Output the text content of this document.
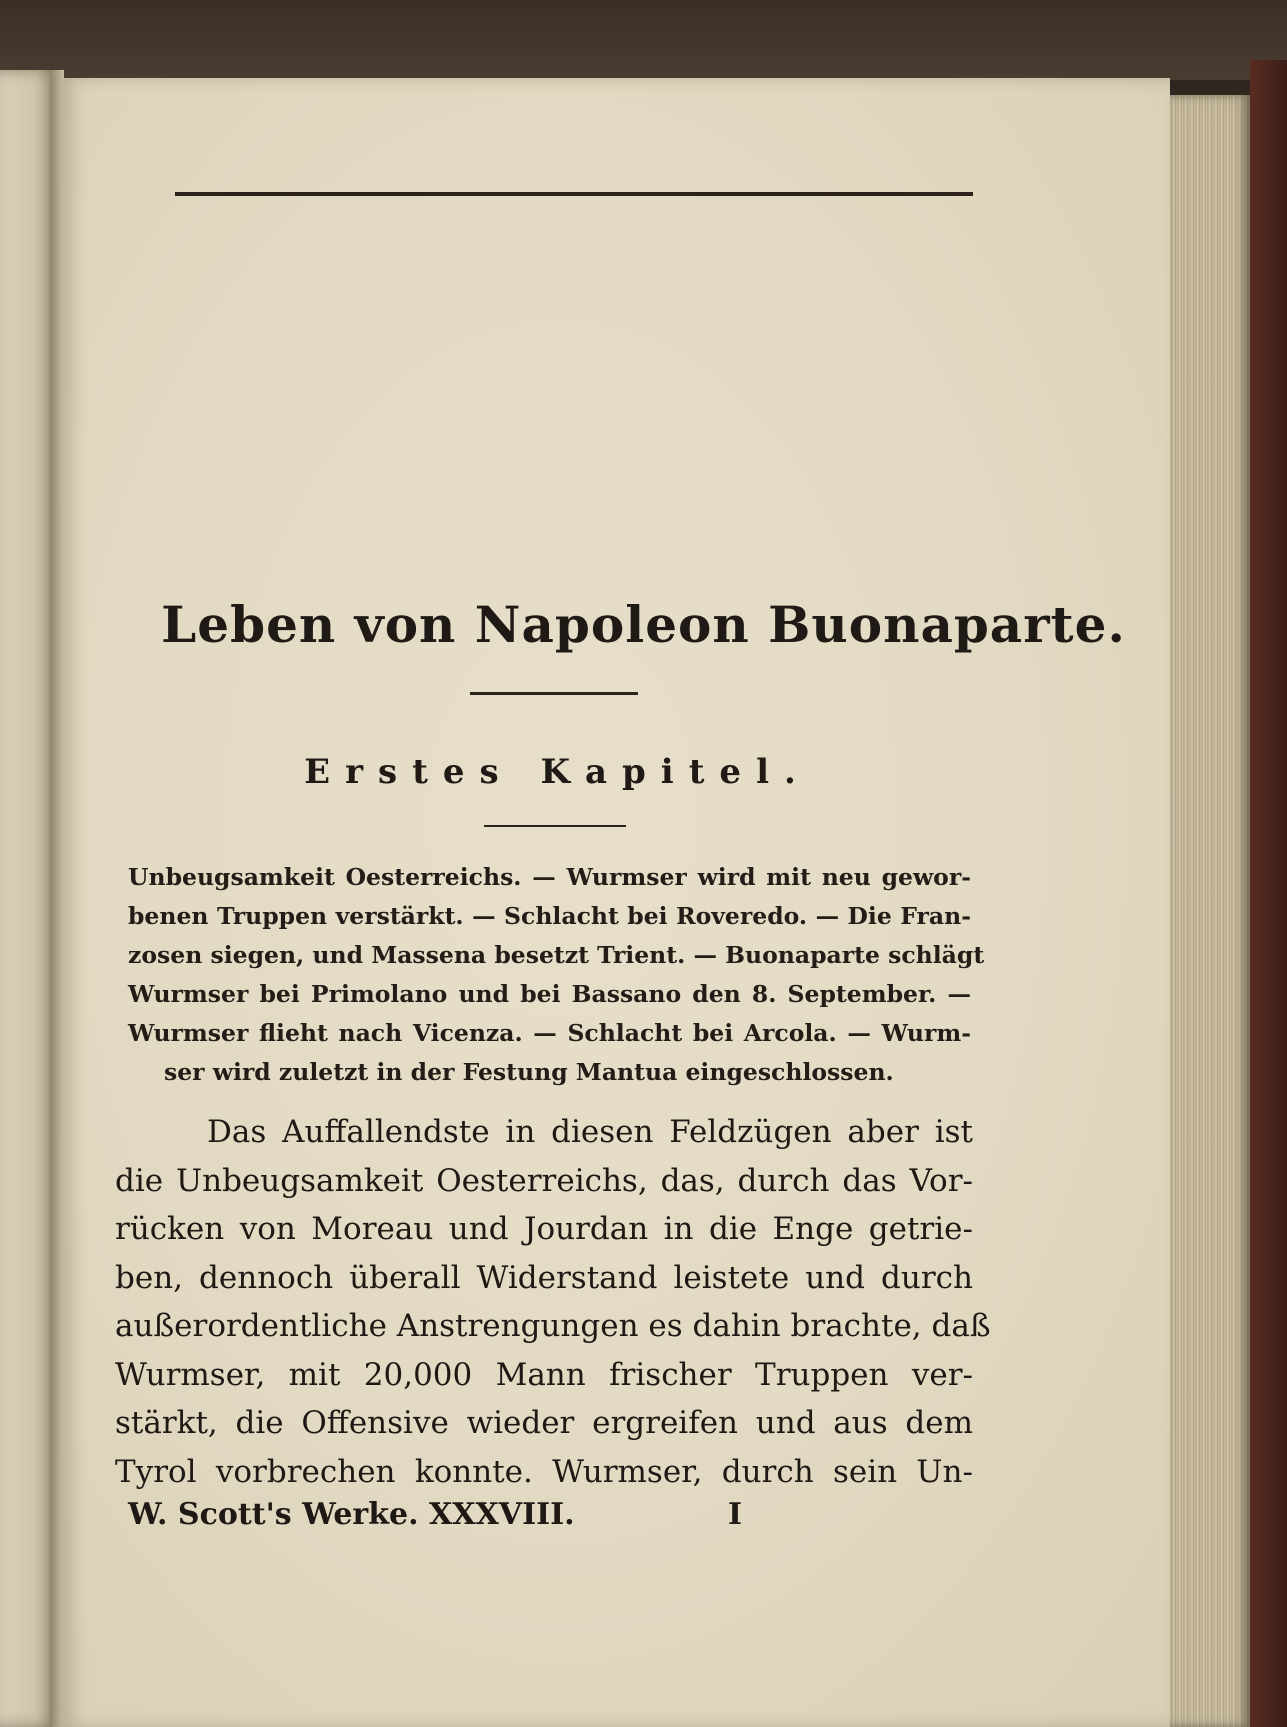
Leben von Napoleon Buonaparte.
Erstes Kapitel.
Unbeugsamkeit Oesterreichs. — Wurmser wird mit neu gewor-
benen Truppen verstärkt. — Schlacht bei Roveredo. — Die Fran-
zosen siegen, und Massena besetzt Trient. — Buonaparte schlägt
Wurmser bei Primolano und bei Bassano den 8. September. —
Wurmser flieht nach Vicenza. — Schlacht bei Arcola. — Wurm-
ser wird zuletzt in der Festung Mantua eingeschlossen.
Das Auffallendste in diesen Feldzügen aber ist
die Unbeugsamkeit Oesterreichs, das, durch das Vor-
rücken von Moreau und Jourdan in die Enge getrie-
ben, dennoch überall Widerstand leistete und durch
außerordentliche Anstrengungen es dahin brachte, daß
Wurmser, mit 20,000 Mann frischer Truppen ver-
stärkt, die Offensive wieder ergreifen und aus dem
Tyrol vorbrechen konnte. Wurmser, durch sein Un-
W. Scott's Werke. XXXVIII.	I
